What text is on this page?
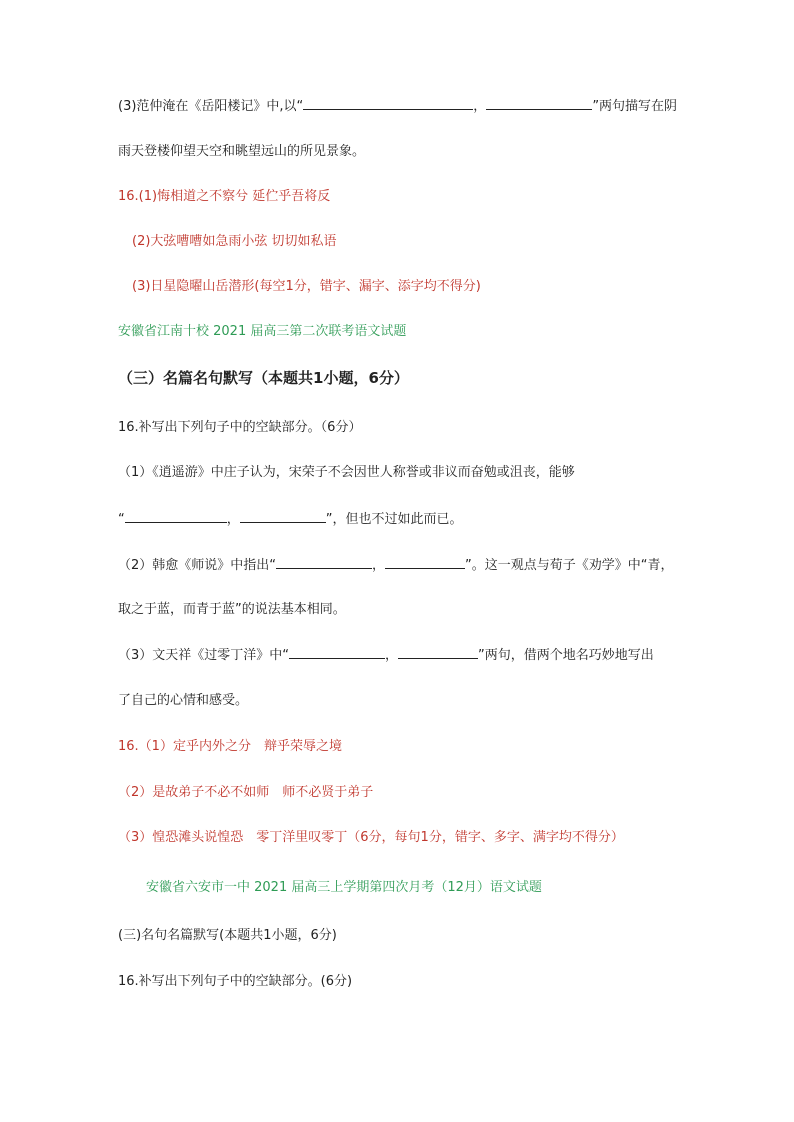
(3)范仲淹在《岳阳楼记》中,以“	，	”两句描写在阴
雨天登楼仰望天空和眺望远山的所见景象。
16.(1)悔相道之不察兮 延伫乎吾将反
(2)大弦嘈嘈如急雨小弦 切切如私语
(3)日星隐曜山岳潜形(每空1分，错字、漏字、添字均不得分)
安徽省江南十校 2021 届高三第二次联考语文试题
（三）名篇名句默写（本题共1小题，6分）
16.补写出下列句子中的空缺部分。（6分）
（1）《逍遥游》中庄子认为，宋荣子不会因世人称誉或非议而奋勉或沮丧，能够
“	，	”，但也不过如此而已。
（2）韩愈《师说》中指出“	，	”。这一观点与荀子《劝学》中“青，
取之于蓝，而青于蓝”的说法基本相同。
（3）文天祥《过零丁洋》中“	，	”两句，借两个地名巧妙地写出
了自己的心情和感受。
16.（1）定乎内外之分　辩乎荣辱之境
（2）是故弟子不必不如师　师不必贤于弟子
（3）惶恐滩头说惶恐　零丁洋里叹零丁（6分，每句1分，错字、多字、满字均不得分）
安徽省六安市一中 2021 届高三上学期第四次月考（12月）语文试题
(三)名句名篇默写(本题共1小题，6分)
16.补写出下列句子中的空缺部分。(6分)
